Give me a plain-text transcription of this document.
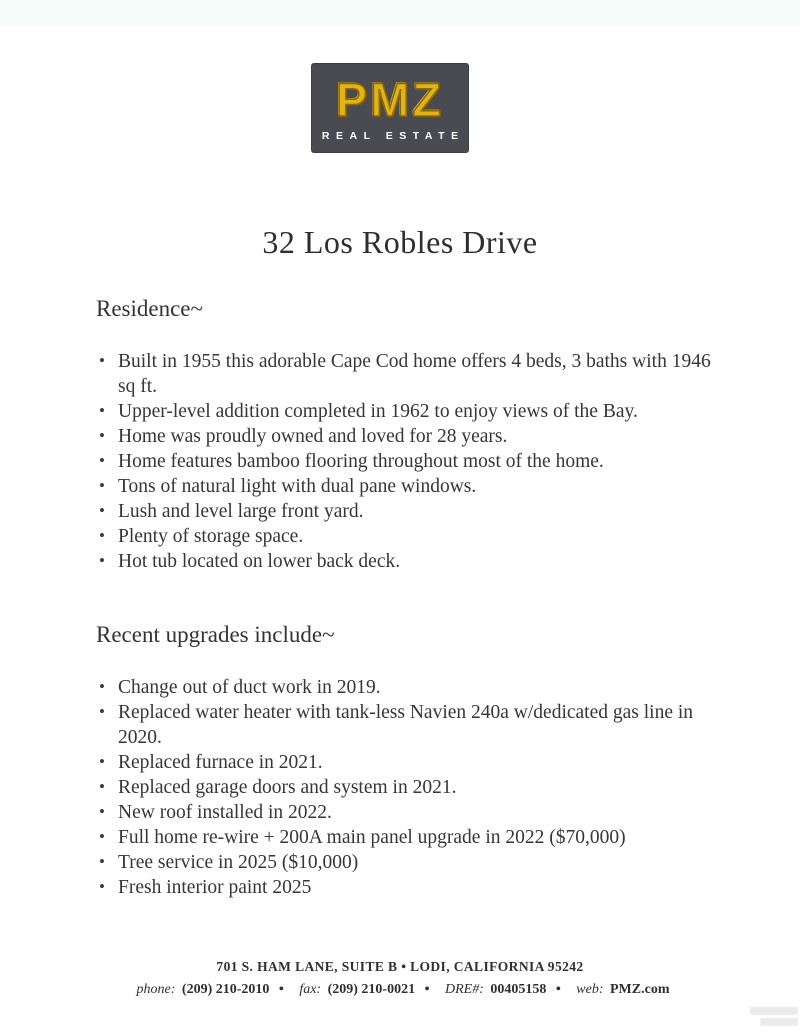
PMZ
REAL ESTATE
32 Los Robles Drive
Residence~
• Built in 1955 this adorable Cape Cod home offers 4 beds, 3 baths with 1946 sq ft.
• Upper-level addition completed in 1962 to enjoy views of the Bay.
• Home was proudly owned and loved for 28 years.
• Home features bamboo flooring throughout most of the home.
• Tons of natural light with dual pane windows.
• Lush and level large front yard.
• Plenty of storage space.
• Hot tub located on lower back deck.
Recent upgrades include~
• Change out of duct work in 2019.
• Replaced water heater with tank-less Navien 240a w/dedicated gas line in 2020.
• Replaced furnace in 2021.
• Replaced garage doors and system in 2021.
• New roof installed in 2022.
• Full home re-wire + 200A main panel upgrade in 2022 ($70,000)
• Tree service in 2025 ($10,000)
• Fresh interior paint 2025
701 S. HAM LANE, SUITE B • LODI, CALIFORNIA 95242
phone: (209) 210-2010 • fax: (209) 210-0021 • DRE#: 00405158 • web: PMZ.com
